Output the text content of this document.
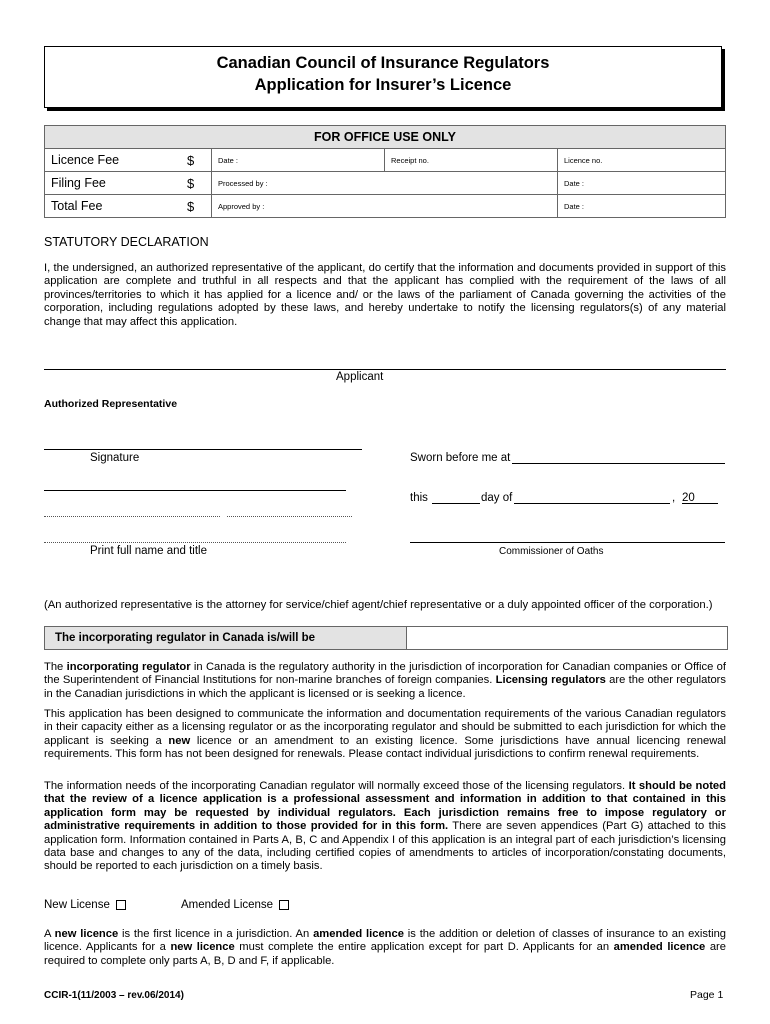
Canadian Council of Insurance Regulators
Application for Insurer’s Licence
FOR OFFICE USE ONLY				
Licence Fee	$	Date :	Receipt no.	Licence no.
Filing Fee	$	Processed by :		Date :
Total Fee	$	Approved by :		Date :
STATUTORY DECLARATION
I, the undersigned, an authorized representative of the applicant, do certify that the information and documents provided in support of this application are complete and truthful in all respects and that the applicant has complied with the requirement of the laws of all provinces/territories to which it has applied for a licence and/ or the laws of the parliament of Canada governing the activities of the corporation, including regulations adopted by these laws, and hereby undertake to notify the licensing regulators(s) of any material change that may affect this application.
Applicant
Authorized Representative
Signature	Sworn before me at
Print full name and title
this	day of	, 20
Commissioner of Oaths
(An authorized representative is the attorney for service/chief agent/chief representative or a duly appointed officer of the corporation.)
The incorporating regulator in Canada is/will be
The incorporating regulator in Canada is the regulatory authority in the jurisdiction of incorporation for Canadian companies or Office of the Superintendent of Financial Institutions for non-marine branches of foreign companies. Licensing regulators are the other regulators in the Canadian jurisdictions in which the applicant is licensed or is seeking a licence.
This application has been designed to communicate the information and documentation requirements of the various Canadian regulators in their capacity either as a licensing regulator or as the incorporating regulator and should be submitted to each jurisdiction for which the applicant is seeking a new licence or an amendment to an existing licence. Some jurisdictions have annual licencing renewal requirements. This form has not been designed for renewals. Please contact individual jurisdictions to confirm renewal requirements.
The information needs of the incorporating Canadian regulator will normally exceed those of the licensing regulators. It should be noted that the review of a licence application is a professional assessment and information in addition to that contained in this application form may be requested by individual regulators. Each jurisdiction remains free to impose regulatory or administrative requirements in addition to those provided for in this form. There are seven appendices (Part G) attached to this application form. Information contained in Parts A, B, C and Appendix I of this application is an integral part of each jurisdiction’s licensing data base and changes to any of the data, including certified copies of amendments to articles of incorporation/constating documents, should be reported to each jurisdiction on a timely basis.
New License	Amended License
A new licence is the first licence in a jurisdiction. An amended licence is the addition or deletion of classes of insurance to an existing licence. Applicants for a new licence must complete the entire application except for part D. Applicants for an amended licence are required to complete only parts A, B, D and F, if applicable.
CCIR-1(11/2003 – rev.06/2014)	Page 1
